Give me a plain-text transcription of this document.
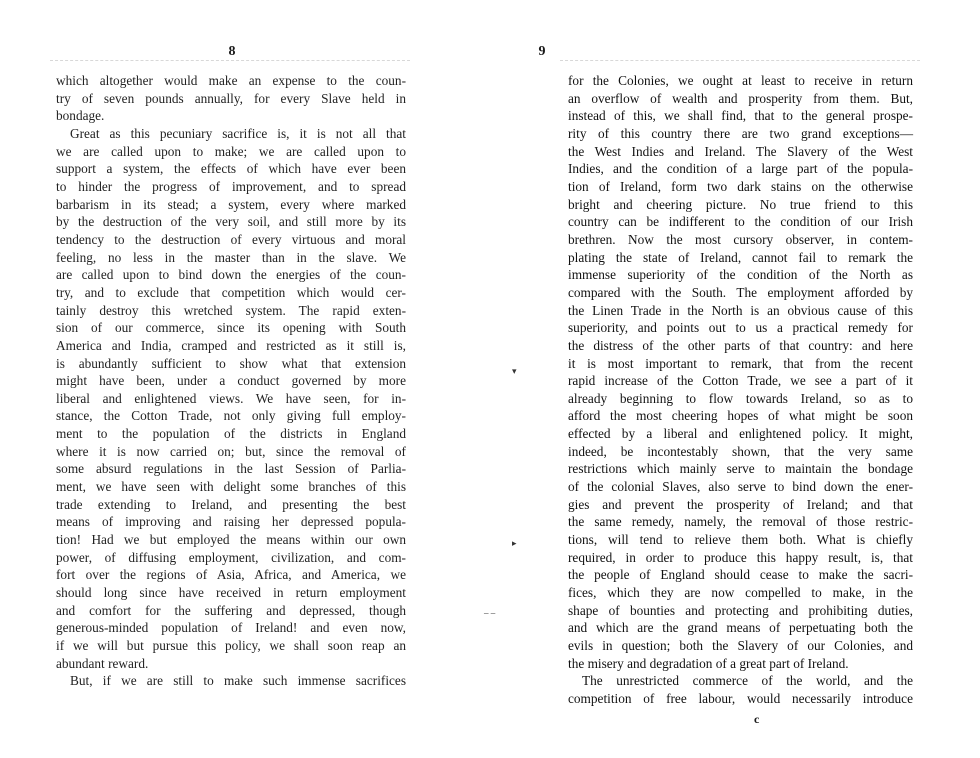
8
which altogether would make an expense to the coun-
try of seven pounds annually, for every Slave held in
bondage.
Great as this pecuniary sacrifice is, it is not all that
we are called upon to make; we are called upon to
support a system, the effects of which have ever been
to hinder the progress of improvement, and to spread
barbarism in its stead; a system, every where marked
by the destruction of the very soil, and still more by its
tendency to the destruction of every virtuous and moral
feeling, no less in the master than in the slave. We
are called upon to bind down the energies of the coun-
try, and to exclude that competition which would cer-
tainly destroy this wretched system. The rapid exten-
sion of our commerce, since its opening with South
America and India, cramped and restricted as it still is,
is abundantly sufficient to show what that extension
might have been, under a conduct governed by more
liberal and enlightened views. We have seen, for in-
stance, the Cotton Trade, not only giving full employ-
ment to the population of the districts in England
where it is now carried on; but, since the removal of
some absurd regulations in the last Session of Parlia-
ment, we have seen with delight some branches of this
trade extending to Ireland, and presenting the best
means of improving and raising her depressed popula-
tion! Had we but employed the means within our own
power, of diffusing employment, civilization, and com-
fort over the regions of Asia, Africa, and America, we
should long since have received in return employment
and comfort for the suffering and depressed, though
generous-minded population of Ireland! and even now,
if we will but pursue this policy, we shall soon reap an
abundant reward.
But, if we are still to make such immense sacrifices
▾
▸
– –
9
for the Colonies, we ought at least to receive in return
an overflow of wealth and prosperity from them. But,
instead of this, we shall find, that to the general prospe-
rity of this country there are two grand exceptions—
the West Indies and Ireland. The Slavery of the West
Indies, and the condition of a large part of the popula-
tion of Ireland, form two dark stains on the otherwise
bright and cheering picture. No true friend to this
country can be indifferent to the condition of our Irish
brethren. Now the most cursory observer, in contem-
plating the state of Ireland, cannot fail to remark the
immense superiority of the condition of the North as
compared with the South. The employment afforded by
the Linen Trade in the North is an obvious cause of this
superiority, and points out to us a practical remedy for
the distress of the other parts of that country: and here
it is most important to remark, that from the recent
rapid increase of the Cotton Trade, we see a part of it
already beginning to flow towards Ireland, so as to
afford the most cheering hopes of what might be soon
effected by a liberal and enlightened policy. It might,
indeed, be incontestably shown, that the very same
restrictions which mainly serve to maintain the bondage
of the colonial Slaves, also serve to bind down the ener-
gies and prevent the prosperity of Ireland; and that
the same remedy, namely, the removal of those restric-
tions, will tend to relieve them both. What is chiefly
required, in order to produce this happy result, is, that
the people of England should cease to make the sacri-
fices, which they are now compelled to make, in the
shape of bounties and protecting and prohibiting duties,
and which are the grand means of perpetuating both the
evils in question; both the Slavery of our Colonies, and
the misery and degradation of a great part of Ireland.
The unrestricted commerce of the world, and the
competition of free labour, would necessarily introduce
c
